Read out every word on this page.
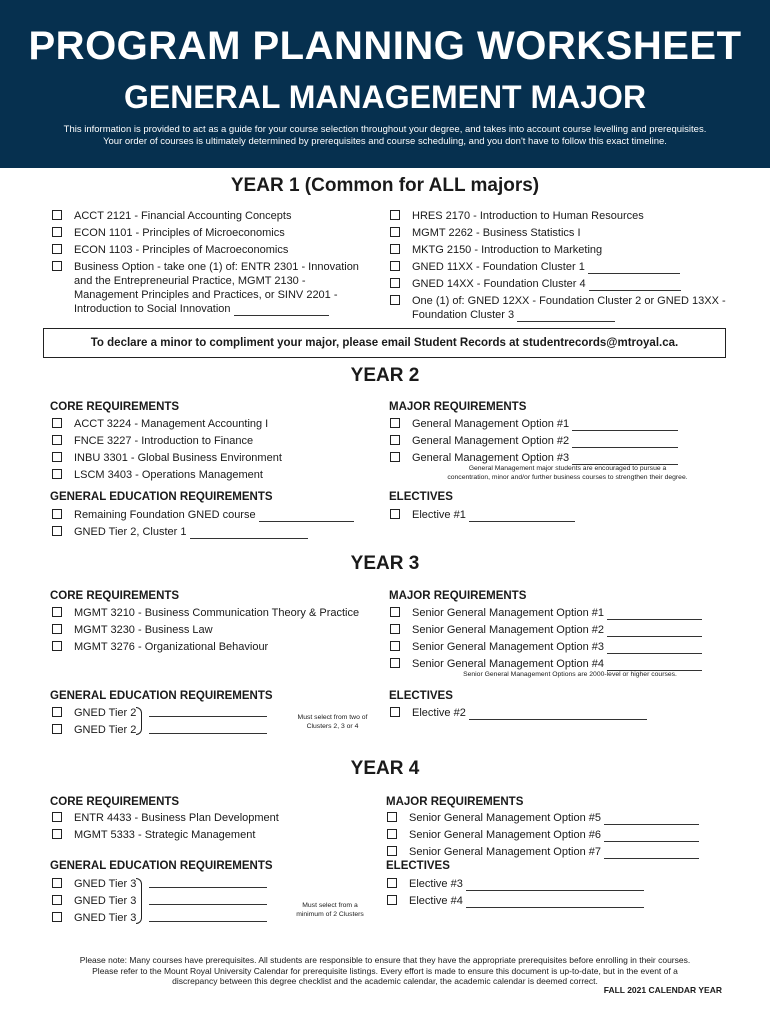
PROGRAM PLANNING WORKSHEET
GENERAL MANAGEMENT MAJOR
This information is provided to act as a guide for your course selection throughout your degree, and takes into account course levelling and prerequisites.
Your order of courses is ultimately determined by prerequisites and course scheduling, and you don't have to follow this exact timeline.
YEAR 1 (Common for ALL majors)
ACCT 2121 - Financial Accounting Concepts
ECON 1101 - Principles of Microeconomics
ECON 1103 - Principles of Macroeconomics
Business Option - take one (1) of: ENTR 2301 - Innovation and the Entrepreneurial Practice, MGMT 2130 - Management Principles and Practices, or SINV 2201 - Introduction to Social Innovation
HRES 2170 - Introduction to Human Resources
MGMT 2262 - Business Statistics I
MKTG 2150 - Introduction to Marketing
GNED 11XX - Foundation Cluster 1
GNED 14XX - Foundation Cluster 4
One (1) of: GNED 12XX - Foundation Cluster 2 or GNED 13XX - Foundation Cluster 3
To declare a minor to compliment your major, please email Student Records at studentrecords@mtroyal.ca.
YEAR 2
CORE REQUIREMENTS
ACCT 3224 - Management Accounting I
FNCE 3227 - Introduction to Finance
INBU 3301 - Global Business Environment
LSCM 3403 - Operations Management
MAJOR REQUIREMENTS
General Management Option #1
General Management Option #2
General Management Option #3
General Management major students are encouraged to pursue a
concentration, minor and/or further business courses to strengthen their degree.
GENERAL EDUCATION REQUIREMENTS
Remaining Foundation GNED course
GNED Tier 2, Cluster 1
ELECTIVES
Elective #1
YEAR 3
CORE REQUIREMENTS
MGMT 3210 - Business Communication Theory & Practice
MGMT 3230 - Business Law
MGMT 3276 - Organizational Behaviour
MAJOR REQUIREMENTS
Senior General Management Option #1
Senior General Management Option #2
Senior General Management Option #3
Senior General Management Option #4
Senior General Management Options are 2000-level or higher courses.
GENERAL EDUCATION REQUIREMENTS
GNED Tier 2
GNED Tier 2
Must select from two of
Clusters 2, 3 or 4
ELECTIVES
Elective #2
YEAR 4
CORE REQUIREMENTS
ENTR 4433 - Business Plan Development
MGMT 5333 - Strategic Management
MAJOR REQUIREMENTS
Senior General Management Option #5
Senior General Management Option #6
Senior General Management Option #7
GENERAL EDUCATION REQUIREMENTS
GNED Tier 3
GNED Tier 3
GNED Tier 3
Must select from a
minimum of 2 Clusters
ELECTIVES
Elective #3
Elective #4
Please note: Many courses have prerequisites. All students are responsible to ensure that they have the appropriate prerequisites before enrolling in their courses.
Please refer to the Mount Royal University Calendar for prerequisite listings. Every effort is made to ensure this document is up-to-date, but in the event of a
discrepancy between this degree checklist and the academic calendar, the academic calendar is deemed correct.
FALL 2021 CALENDAR YEAR
